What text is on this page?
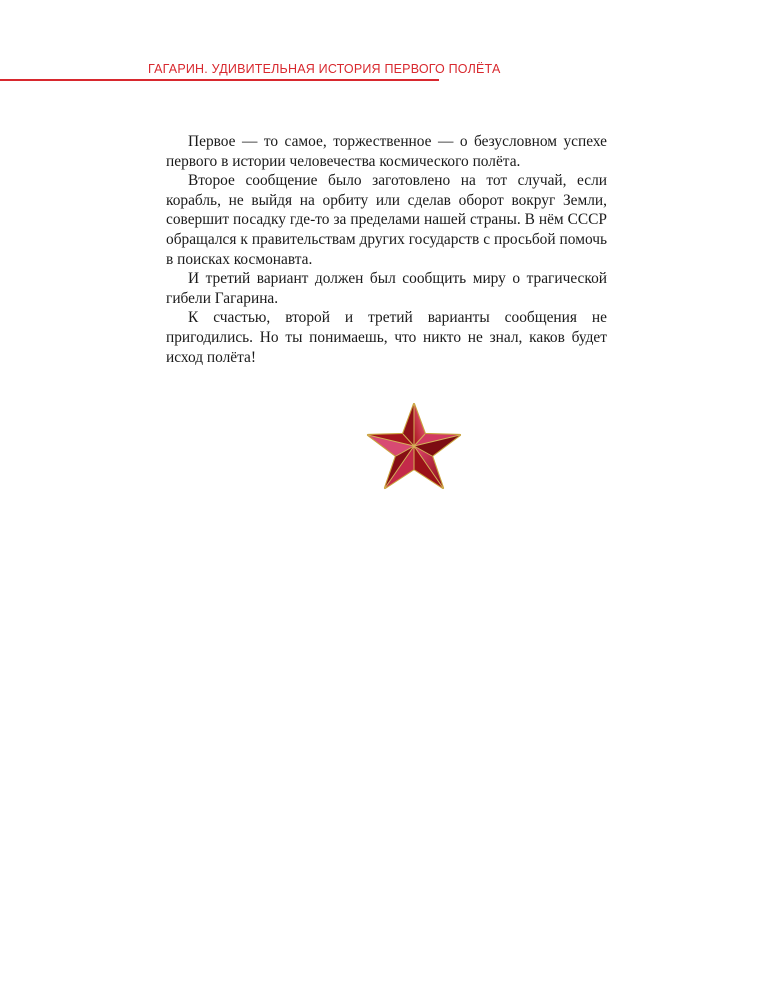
ГАГАРИН. УДИВИТЕЛЬНАЯ ИСТОРИЯ ПЕРВОГО ПОЛЁТА

Первое — то самое, торжественное — о безусловном успехе первого в истории человечества космического полёта.

Второе сообщение было заготовлено на тот случай, если корабль, не выйдя на орбиту или сделав оборот вокруг Земли, совершит посадку где-то за пределами нашей страны. В нём СССР обращался к правительствам других государств с просьбой помочь в поисках космонавта.

И третий вариант должен был сообщить миру о трагической гибели Гагарина.

К счастью, второй и третий варианты сообщения не пригодились. Но ты понимаешь, что никто не знал, каков будет исход полёта!
